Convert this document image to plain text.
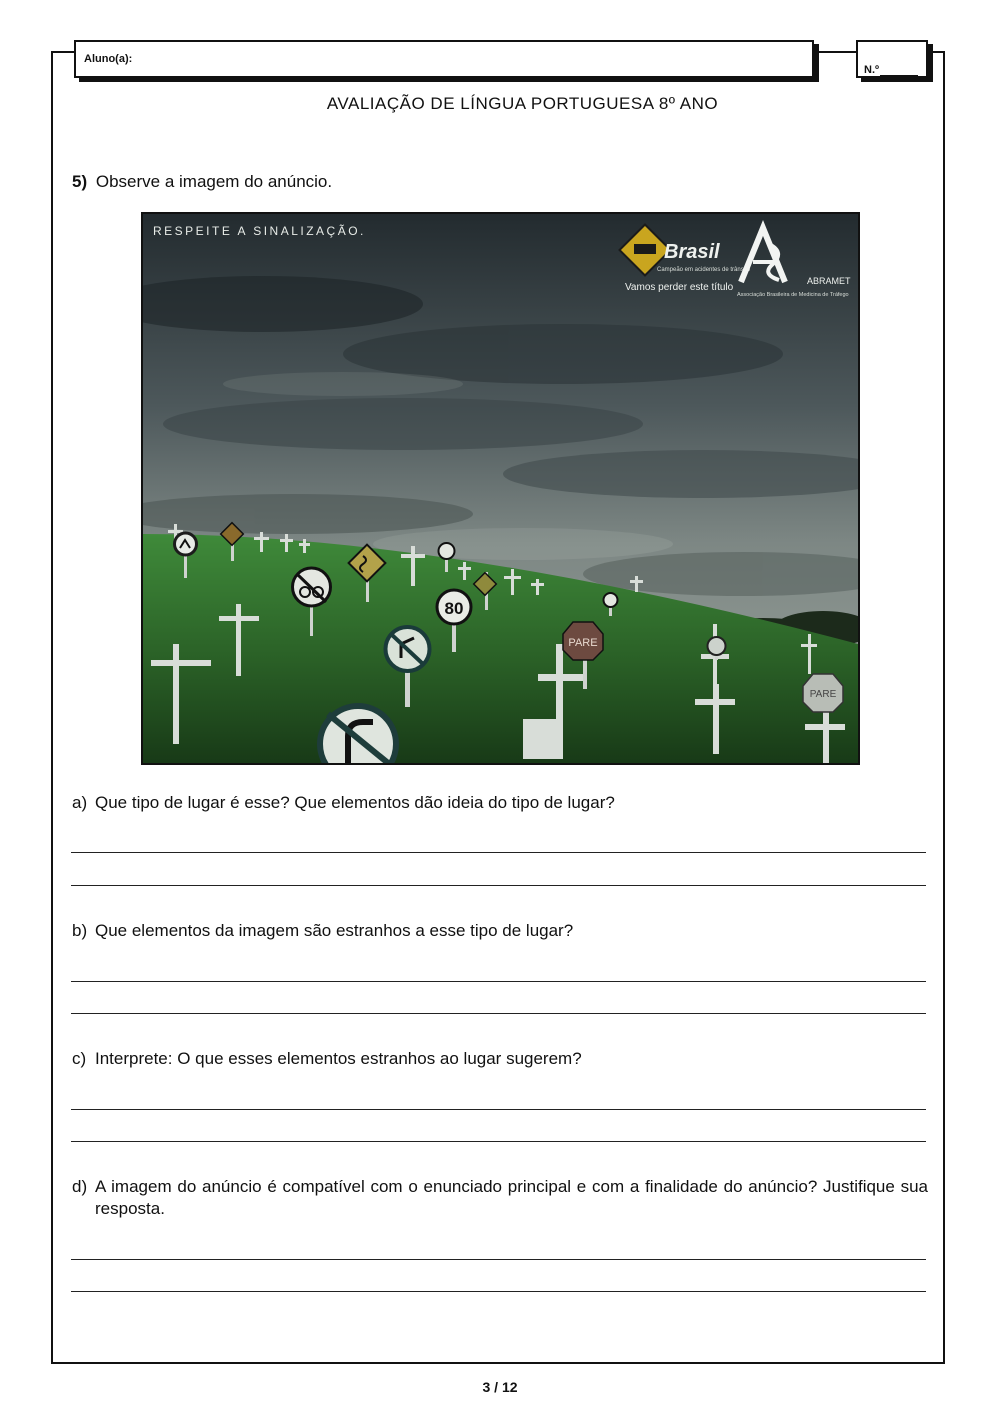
Aluno(a):
N.º
AVALIAÇÃO DE LÍNGUA PORTUGUESA 8º ANO
5) Observe a imagem do anúncio.
80
PARE
PARE
RESPEITE A SINALIZAÇÃO.
Brasil
Campeão em acidentes de trânsito
Vamos perder este título
ABRAMET
Associação Brasileira de Medicina de Tráfego
a) Que tipo de lugar é esse? Que elementos dão ideia do tipo de lugar?
b) Que elementos da imagem são estranhos a esse tipo de lugar?
c) Interprete: O que esses elementos estranhos ao lugar sugerem?
d) A imagem do anúncio é compatível com o enunciado principal e com a finalidade do anúncio? Justifique sua resposta.
3 / 12
